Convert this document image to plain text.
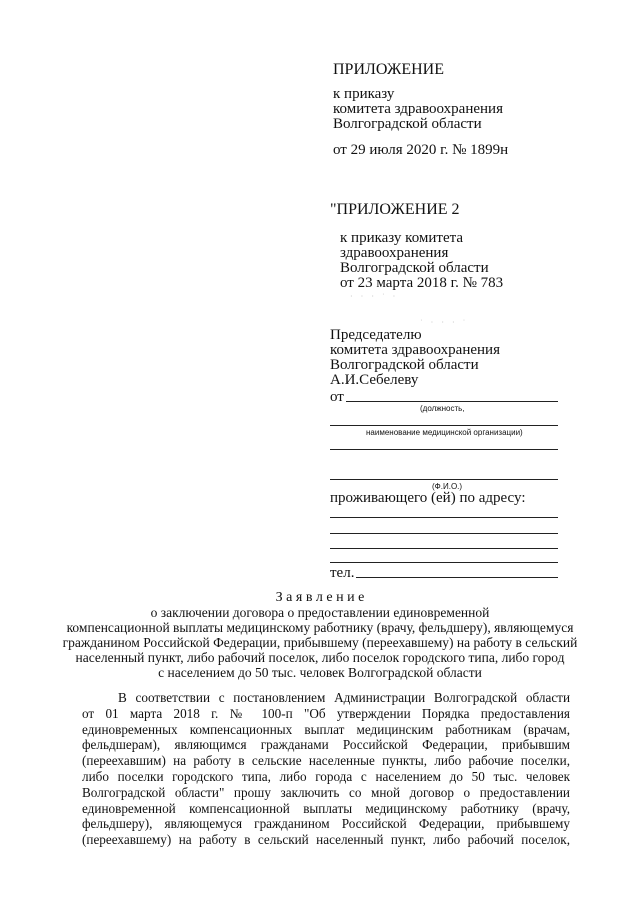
ПРИЛОЖЕНИЕ
к приказу
комитета здравоохранения
Волгоградской области
от 29 июля 2020 г. № 1899н
"ПРИЛОЖЕНИЕ 2
к приказу комитета
здравоохранения
Волгоградской области
от 23 марта 2018 г. № 783
· · · ˙ ·
˙ · · · ˙
Председателю
комитета здравоохранения
Волгоградской области
А.И.Себелеву
от
(должность,
наименование медицинской организации)
(Ф.И.О.)
проживающего (ей) по адресу:
тел.
З а я в л е н и е
о заключении договора о предоставлении единовременной
компенсационной выплаты медицинскому работнику (врачу, фельдшеру), являющемуся
гражданином Российской Федерации, прибывшему (переехавшему) на работу в сельский
населенный пункт, либо рабочий поселок, либо поселок городского типа, либо город
с населением до 50 тыс. человек Волгоградской области
В соответствии с постановлением Администрации Волгоградской области
от 01 марта 2018 г. № 100-п "Об утверждении Порядка предоставления
единовременных компенсационных выплат медицинским работникам (врачам,
фельдшерам), являющимся гражданами Российской Федерации, прибывшим
(переехавшим) на работу в сельские населенные пункты, либо рабочие поселки,
либо поселки городского типа, либо города с населением до 50 тыс. человек
Волгоградской области" прошу заключить со мной договор о предоставлении
единовременной компенсационной выплаты медицинскому работнику (врачу,
фельдшеру), являющемуся гражданином Российской Федерации, прибывшему
(переехавшему) на работу в сельский населенный пункт, либо рабочий поселок,
